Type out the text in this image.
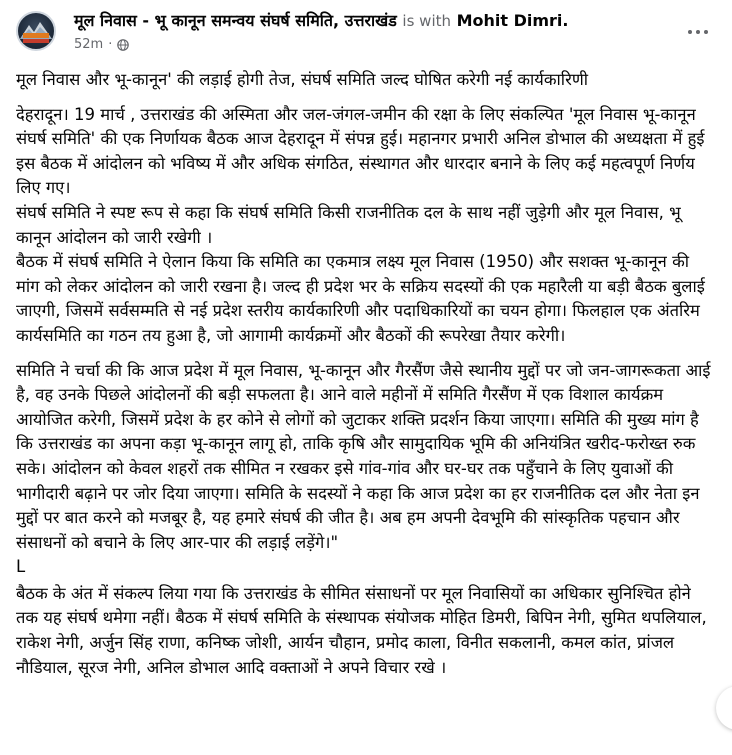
मूल निवास - भू कानून समन्वय संघर्ष समिति, उत्तराखंड is with Mohit Dimri.
52m ·

मूल निवास और भू-कानून' की लड़ाई होगी तेज, संघर्ष समिति जल्द घोषित करेगी नई कार्यकारिणी

देहरादून। 19 मार्च , उत्तराखंड की अस्मिता और जल-जंगल-जमीन की रक्षा के लिए संकल्पित 'मूल निवास भू-कानून संघर्ष समिति' की एक निर्णायक बैठक आज देहरादून में संपन्न हुई। महानगर प्रभारी अनिल डोभाल की अध्यक्षता में हुई इस बैठक में आंदोलन को भविष्य में और अधिक संगठित, संस्थागत और धारदार बनाने के लिए कई महत्वपूर्ण निर्णय लिए गए।

संघर्ष समिति ने स्पष्ट रूप से कहा कि संघर्ष समिति किसी राजनीतिक दल के साथ नहीं जुड़ेगी और मूल निवास, भू कानून आंदोलन को जारी रखेगी ।

बैठक में संघर्ष समिति ने ऐलान किया कि समिति का एकमात्र लक्ष्य मूल निवास (1950) और सशक्त भू-कानून की मांग को लेकर आंदोलन को जारी रखना है। जल्द ही प्रदेश भर के सक्रिय सदस्यों की एक महारैली या बड़ी बैठक बुलाई जाएगी, जिसमें सर्वसम्मति से नई प्रदेश स्तरीय कार्यकारिणी और पदाधिकारियों का चयन होगा। फिलहाल एक अंतरिम कार्यसमिति का गठन तय हुआ है, जो आगामी कार्यक्रमों और बैठकों की रूपरेखा तैयार करेगी।

समिति ने चर्चा की कि आज प्रदेश में मूल निवास, भू-कानून और गैरसैंण जैसे स्थानीय मुद्दों पर जो जन-जागरूकता आई है, वह उनके पिछले आंदोलनों की बड़ी सफलता है। आने वाले महीनों में समिति गैरसैंण में एक विशाल कार्यक्रम आयोजित करेगी, जिसमें प्रदेश के हर कोने से लोगों को जुटाकर शक्ति प्रदर्शन किया जाएगा। समिति की मुख्य मांग है कि उत्तराखंड का अपना कड़ा भू-कानून लागू हो, ताकि कृषि और सामुदायिक भूमि की अनियंत्रित खरीद-फरोख्त रुक सके। आंदोलन को केवल शहरों तक सीमित न रखकर इसे गांव-गांव और घर-घर तक पहुँचाने के लिए युवाओं की भागीदारी बढ़ाने पर जोर दिया जाएगा। समिति के सदस्यों ने कहा कि आज प्रदेश का हर राजनीतिक दल और नेता इन मुद्दों पर बात करने को मजबूर है, यह हमारे संघर्ष की जीत है। अब हम अपनी देवभूमि की सांस्कृतिक पहचान और संसाधनों को बचाने के लिए आर-पार की लड़ाई लड़ेंगे।"

L

बैठक के अंत में संकल्प लिया गया कि उत्तराखंड के सीमित संसाधनों पर मूल निवासियों का अधिकार सुनिश्चित होने तक यह संघर्ष थमेगा नहीं। बैठक में संघर्ष समिति के संस्थापक संयोजक मोहित डिमरी, बिपिन नेगी, सुमित थपलियाल, राकेश नेगी, अर्जुन सिंह राणा, कनिष्क जोशी, आर्यन चौहान, प्रमोद काला, विनीत सकलानी, कमल कांत, प्रांजल नौडियाल, सूरज नेगी, अनिल डोभाल आदि वक्ताओं ने अपने विचार रखे ।
